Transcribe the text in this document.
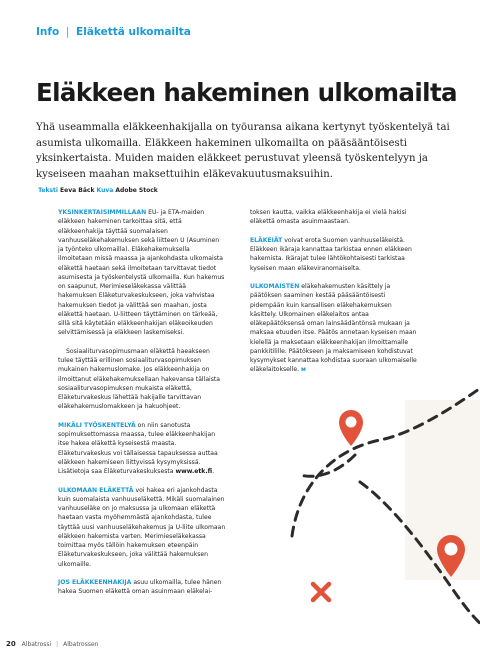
Info | Eläkettä ulkomailta
Eläkkeen hakeminen ulkomailta
Yhä useammalla eläkkeenhakijalla on työuransa aikana kertynyt työskentelyä tai asumista ulkomailla. Eläkkeen hakeminen ulkomailta on pääsääntöisesti yksinkertaista. Muiden maiden eläkkeet perustuvat yleensä työskentelyyn ja kyseiseen maahan maksettuihin eläkevakuutusmaksuihin.  Teksti Eeva Bäck Kuva Adobe Stock

YKSINKERTAISIMMILLAAN EU- ja ETA-maiden eläkkeen hakeminen tarkoittaa sitä, että eläkkeenhakija täyttää suomalaisen vanhuuseläkehakemuksen sekä liitteen U (Asuminen ja työnteko ulkomailla). Eläkehakemuksella ilmoitetaan missä maassa ja ajankohdasta ulkomaista eläkettä haetaan sekä ilmoitetaan tarvittavat tiedot asumisesta ja työskentelystä ulkomailla. Kun hakemus on saapunut, Merimieseläkekassa välittää hakemuksen Eläketurvakeskukseen, joka vahvistaa hakemuksen tiedot ja välittää sen maahan, josta eläkettä haetaan. U-liitteen täyttäminen on tärkeää, sillä sitä käytetään eläkkeenhakijan eläkeoikeuden selvittämisessä ja eläkkeen laskemiseksi.

Sosiaaliturvasopimusmaan eläkettä haeakseen tulee täyttää erillinen sosiaaliturvasopimuksen mukainen hakemuslomake. Jos eläkkeenhakija on ilmoittanut eläkehakemuksellaan hakevansa tällaista sosiaaliturvasopimuksen mukaista eläkettä, Eläketurvakeskus lähettää hakijalle tarvittavan eläkehakemuslomakkeen ja hakuohjeet.

MIKÄLI TYÖSKENTELYÄ on niin sanotusta sopimuksettomassa maassa, tulee eläkkeenhakijan itse hakea eläkettä kyseisestä maasta. Eläketurvakeskus voi tällaisessa tapauksessa auttaa eläkkeen hakemiseen liittyvissä kysymyksissä. Lisätietoja saa Eläketurvakeskuksesta www.etk.fi.

ULKOMAAN ELÄKETTÄ voi hakea eri ajankohdasta kuin suomalaista vanhuuseläkettä. Mikäli suomalainen vanhuuseläke on jo maksussa ja ulkomaan eläkettä haetaan vasta myöhemmästä ajankohdasta, tulee täyttää uusi vanhuuseläkehakemus ja U-liite ulkomaan eläkkeen hakemista varten. Merimieseläkekassa toimittaa myös tällöin hakemuksen eteenpäin Eläketurvakeskukseen, joka välittää hakemuksen ulkomaille.

JOS ELÄKKEENHAKIJA asuu ulkomailla, tulee hänen hakea Suomen eläkettä oman asuinmaan eläkelai-

toksen kautta, vaikka eläkkeenhakija ei vielä hakisi eläkettä omasta asuinmaastaan.

ELÄKEIÄT voivat erota Suomen vanhuuseläkeistä. Eläkkeen ikäraja kannattaa tarkistaa ennen eläkkeen hakemista. Ikärajat tulee lähtökohtaisesti tarkistaa kyseisen maan eläkeviranomaiselta.

ULKOMAISTEN eläkehakemusten käsittely ja päätöksen saaminen kestää pääsääntöisesti pidempään kuin kansallisen eläkehakemuksen käsittely. Ulkomainen eläkelaitos antaa eläkepäätöksensä oman lainsäädäntönsä mukaan ja maksaa etuuden itse. Päätös annetaan kyseisen maan kielellä ja maksetaan eläkkeenhakijan ilmoittamalle pankkitilille. Päätökseen ja maksamiseen kohdistuvat kysymykset kannattaa kohdistaa suoraan ulkomaiselle eläkelaitokselle. ᴍ

20 Albatrossi | Albatrossen
